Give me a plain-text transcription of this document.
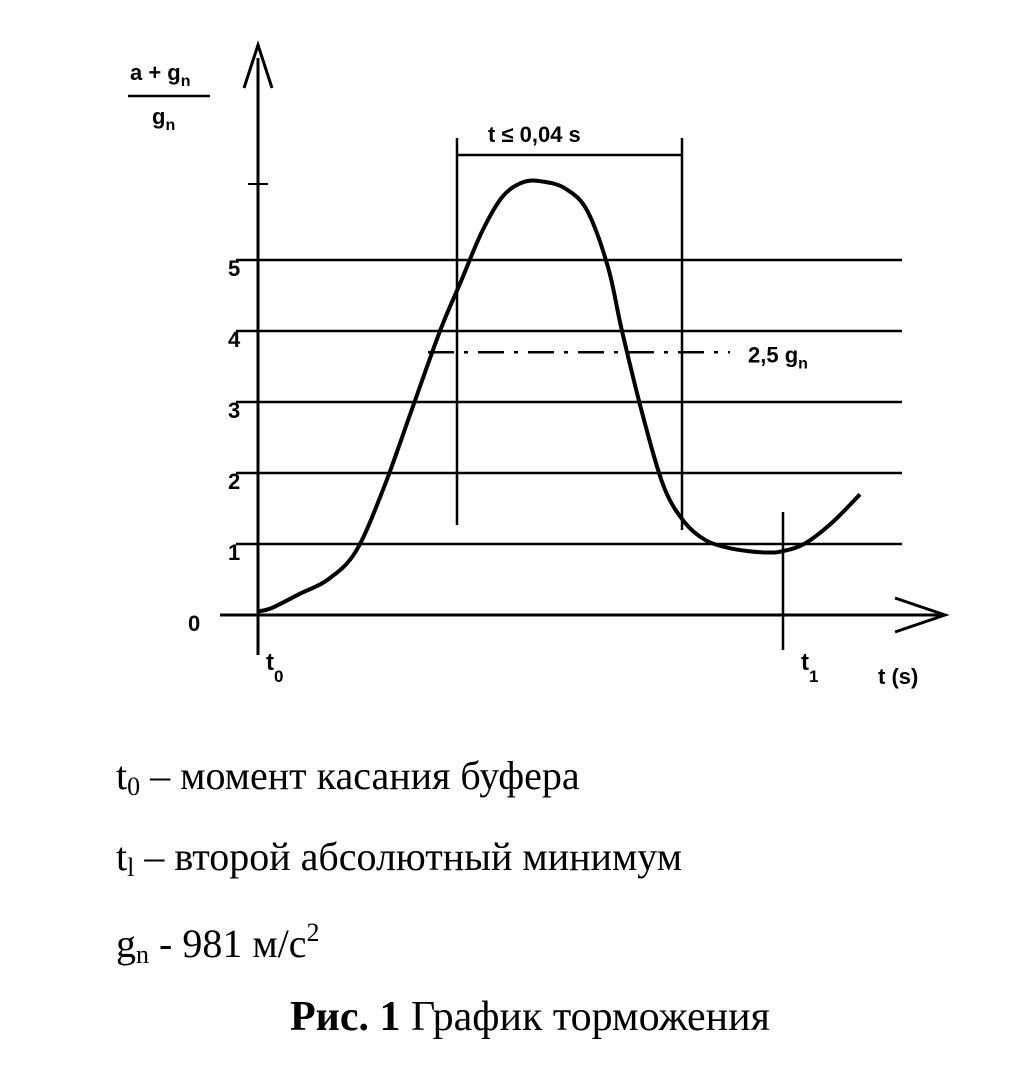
0
1
2
3
4
5
2,5 $g_n$
t ≤ 0,04 s
$t_0$
$t_1$
$a + g_n$
$g_n$
t (s)
$t_0$ – момент касания буфера
$t_l$ – второй абсолютный минимум
$g_n - 981$ $м/с^2$
Рис. 1 График торможения
